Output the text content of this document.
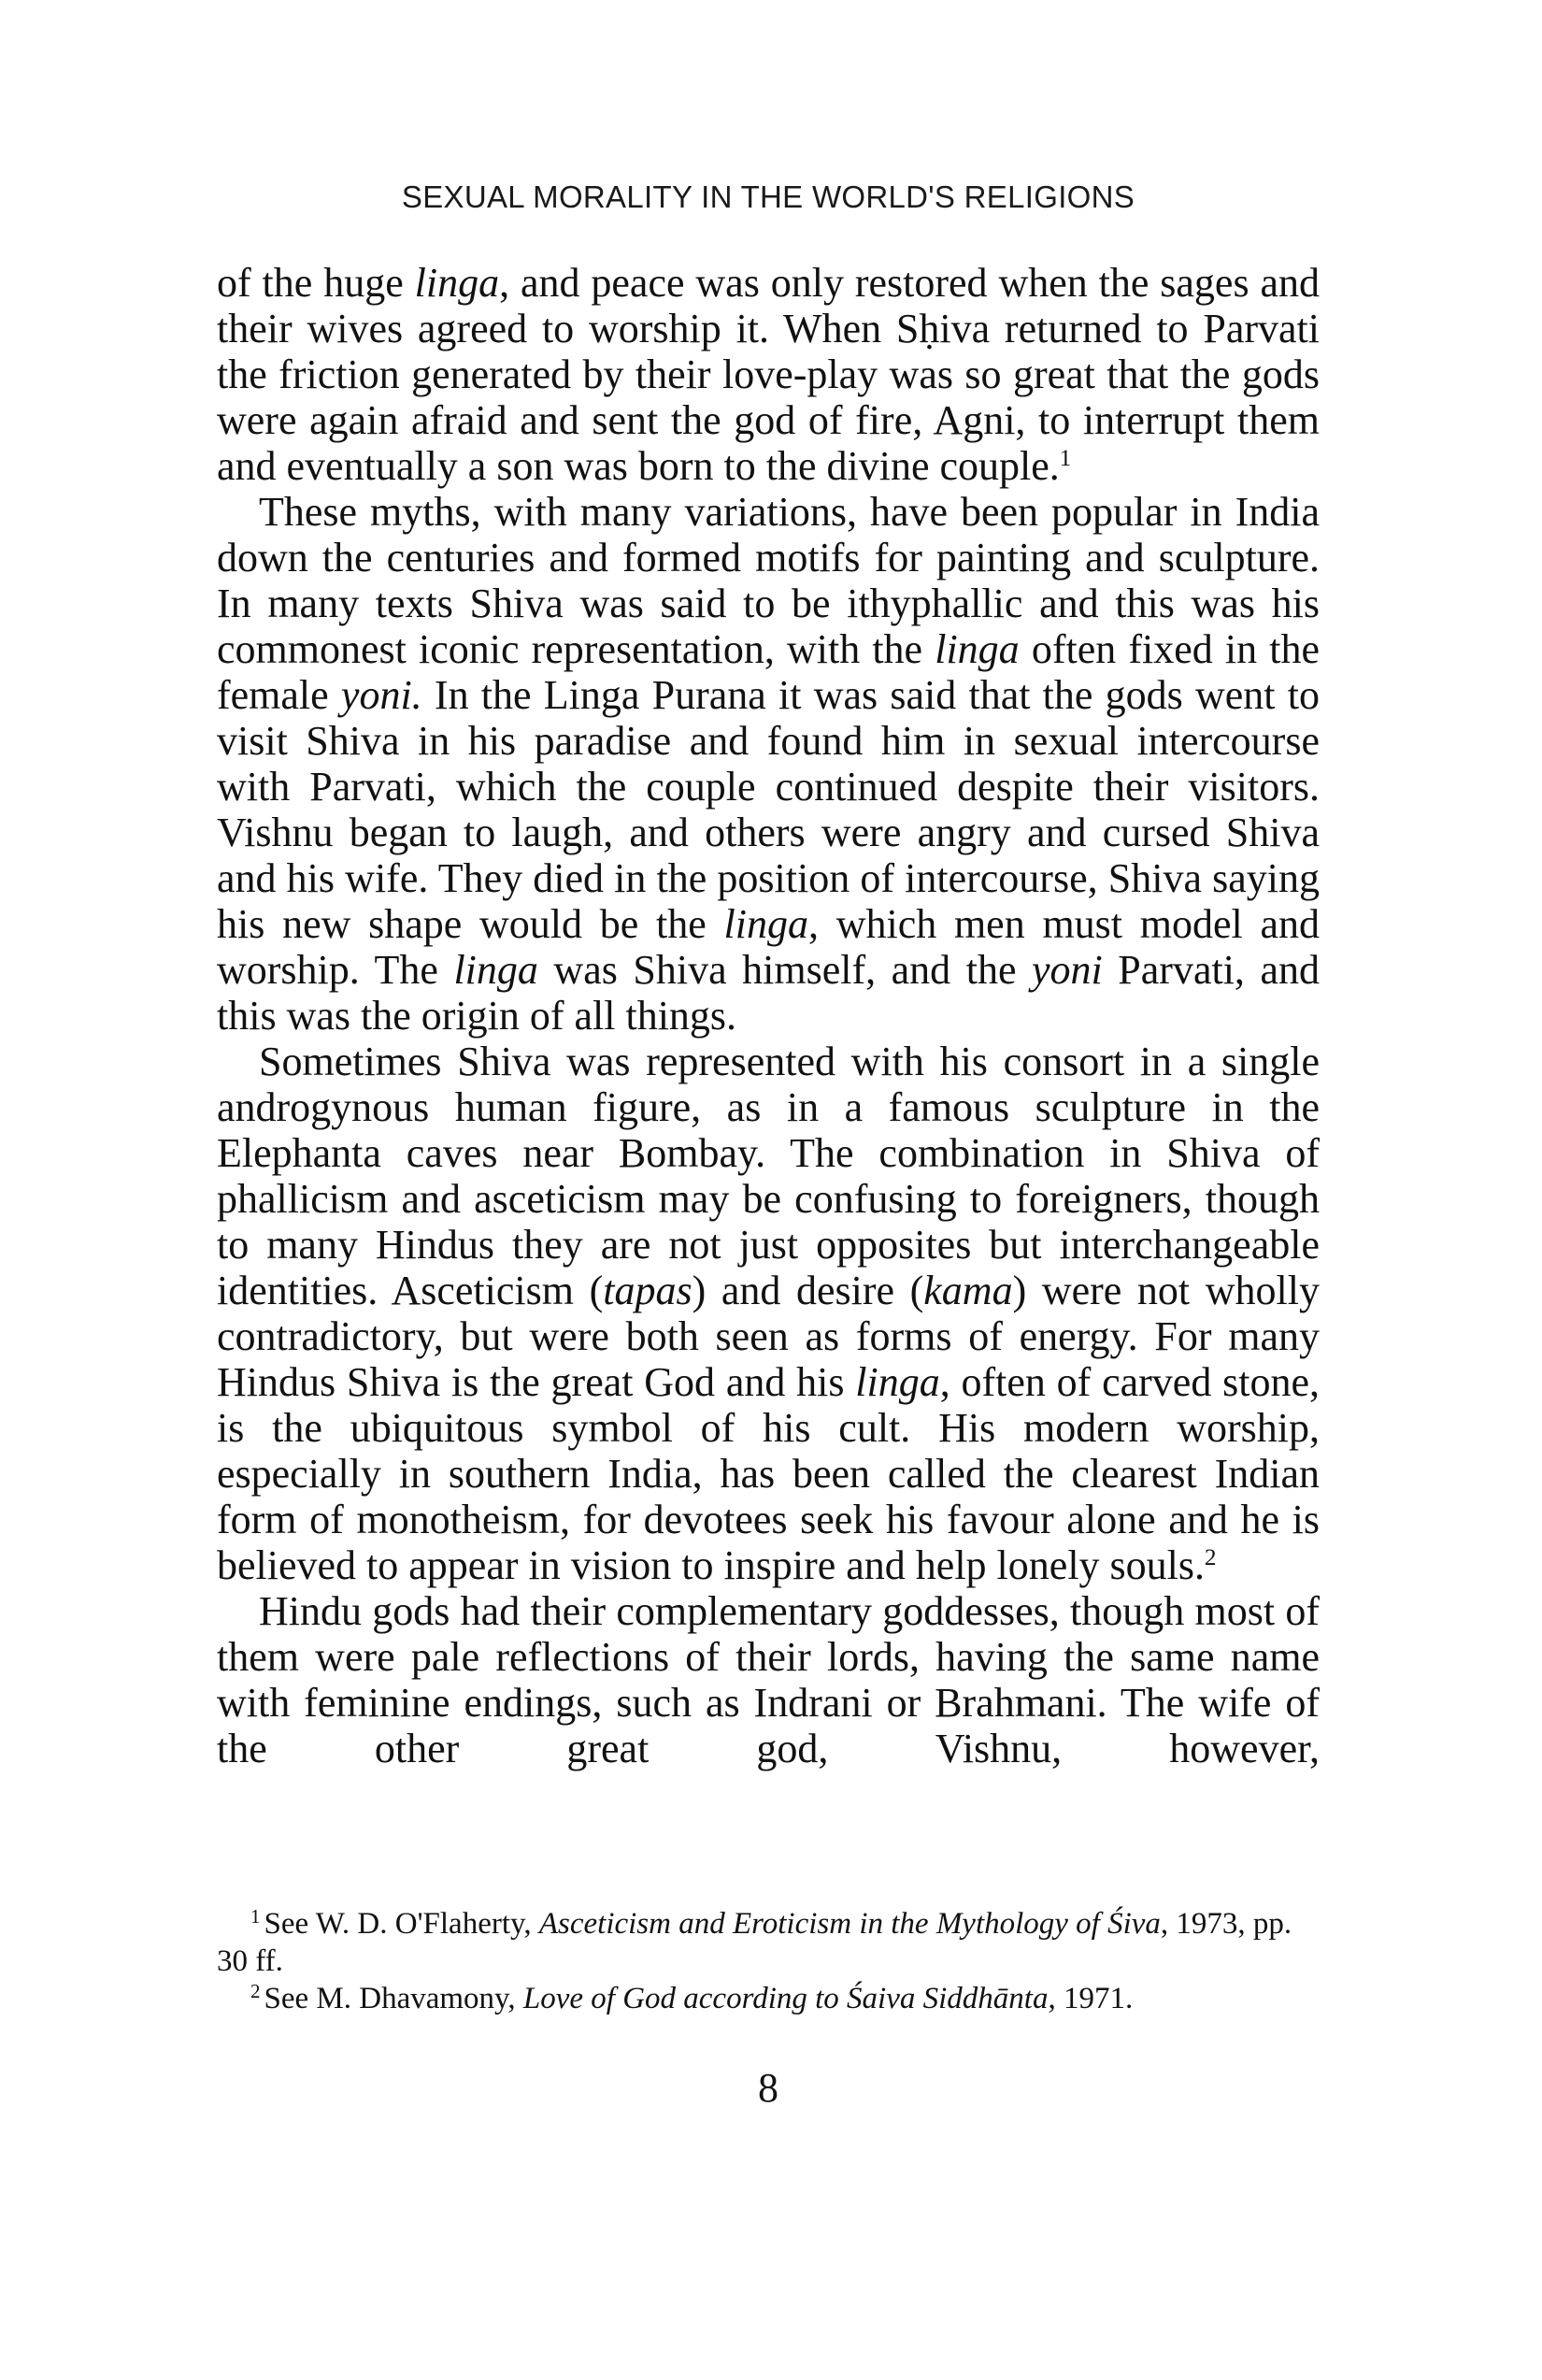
SEXUAL MORALITY IN THE WORLD'S RELIGIONS

of the huge linga, and peace was only restored when the sages and their wives agreed to worship it. When Sḥiva returned to Parvati the friction generated by their love-play was so great that the gods were again afraid and sent the god of fire, Agni, to interrupt them and eventually a son was born to the divine couple.$^1$

These myths, with many variations, have been popular in India down the centuries and formed motifs for painting and sculpture. In many texts Shiva was said to be ithyphallic and this was his commonest iconic representation, with the linga often fixed in the female yoni. In the Linga Purana it was said that the gods went to visit Shiva in his paradise and found him in sexual intercourse with Parvati, which the couple continued despite their visitors. Vishnu began to laugh, and others were angry and cursed Shiva and his wife. They died in the position of intercourse, Shiva saying his new shape would be the linga, which men must model and worship. The linga was Shiva himself, and the yoni Parvati, and this was the origin of all things.

Sometimes Shiva was represented with his consort in a single androgynous human figure, as in a famous sculpture in the Elephanta caves near Bombay. The combination in Shiva of phallicism and asceticism may be confusing to foreigners, though to many Hindus they are not just opposites but interchangeable identities. Asceticism (tapas) and desire (kama) were not wholly contradictory, but were both seen as forms of energy. For many Hindus Shiva is the great God and his linga, often of carved stone, is the ubiquitous symbol of his cult. His modern worship, especially in southern India, has been called the clearest Indian form of monotheism, for devotees seek his favour alone and he is believed to appear in vision to inspire and help lonely souls.$^2$

Hindu gods had their complementary goddesses, though most of them were pale reflections of their lords, having the same name with feminine endings, such as Indrani or Brahmani. The wife of the other great god, Vishnu, however,

$^1$ See W. D. O'Flaherty, Asceticism and Eroticism in the Mythology of Śiva, 1973, pp. 30 ff.

$^2$ See M. Dhavamony, Love of God according to Śaiva Siddhānta, 1971.

8
